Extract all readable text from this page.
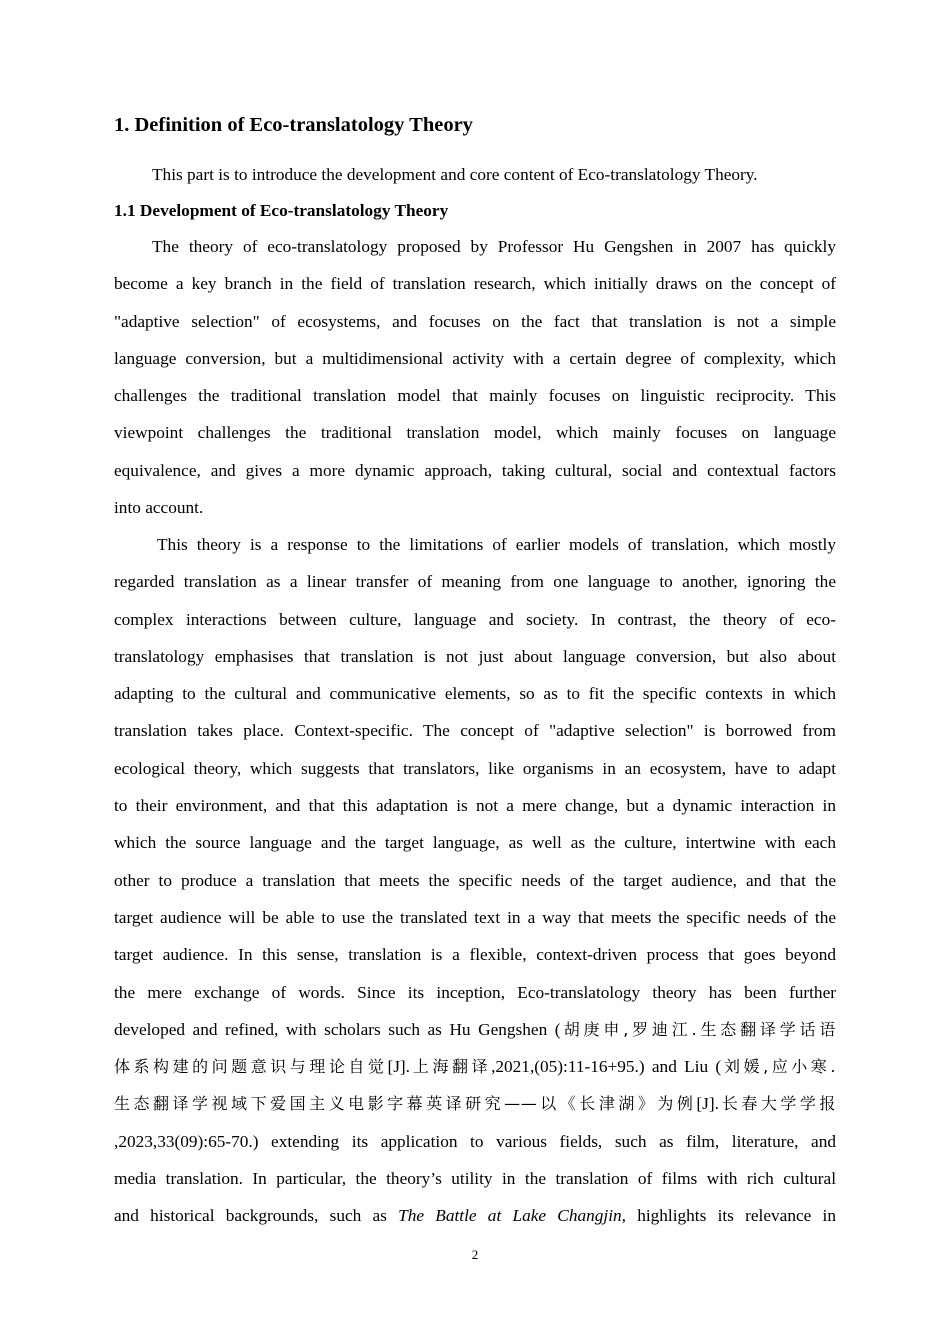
1. Definition of Eco-translatology Theory

This part is to introduce the development and core content of Eco-translatology Theory.

1.1 Development of Eco-translatology Theory
The theory of eco-translatology proposed by Professor Hu Gengshen in 2007 has quickly
become a key branch in the field of translation research, which initially draws on the concept of
"adaptive selection" of ecosystems, and focuses on the fact that translation is not a simple
language conversion, but a multidimensional activity with a certain degree of complexity, which
challenges the traditional translation model that mainly focuses on linguistic reciprocity. This
viewpoint challenges the traditional translation model, which mainly focuses on language
equivalence, and gives a more dynamic approach, taking cultural, social and contextual factors
into account.
This theory is a response to the limitations of earlier models of translation, which mostly
regarded translation as a linear transfer of meaning from one language to another, ignoring the
complex interactions between culture, language and society. In contrast, the theory of eco-
translatology emphasises that translation is not just about language conversion, but also about
adapting to the cultural and communicative elements, so as to fit the specific contexts in which
translation takes place. Context-specific. The concept of "adaptive selection" is borrowed from
ecological theory, which suggests that translators, like organisms in an ecosystem, have to adapt
to their environment, and that this adaptation is not a mere change, but a dynamic interaction in
which the source language and the target language, as well as the culture, intertwine with each
other to produce a translation that meets the specific needs of the target audience, and that the
target audience will be able to use the translated text in a way that meets the specific needs of the
target audience. In this sense, translation is a flexible, context-driven process that goes beyond
the mere exchange of words. Since its inception, Eco-translatology theory has been further
developed and refined, with scholars such as Hu Gengshen (胡庚申,罗迪江.生态翻译学话语
体系构建的问题意识与理论自觉[J].上海翻译,2021,(05):11-16+95.) and Liu (刘媛,应小寒.
生态翻译学视域下爱国主义电影字幕英译研究——以《长津湖》为例[J].长春大学学报
,2023,33(09):65-70.) extending its application to various fields, such as film, literature, and
media translation. In particular, the theory’s utility in the translation of films with rich cultural
and historical backgrounds, such as The Battle at Lake Changjin, highlights its relevance in
2
